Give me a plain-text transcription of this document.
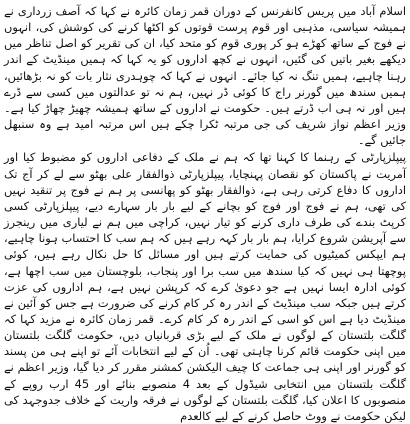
اسلام آباد میں پریس کانفرنس کے دوران قمر زمان کائرہ نے کہا کہ آصف زرداری نے ہمیشہ سیاسی، مذہبی اور قوم پرست قوتوں کو اکٹھا کرنے کی کوشش کی، انہوں نے فوج کے ساتھ کھڑے ہو کر پوری قوم کو متحد کیا، ان کی تقریر کو اصل تناظر میں دیکھے بغیر باتیں کی گئیں، انہوں نے کچھ اداروں کو یہ کہا کہ ہمیں مینڈیٹ کے اندر رہنا چاہیے، ہمیں تنگ نہ کیا جائے۔ انہوں نے کہا کہ چوہدری نثار بات کو نہ بڑھائیں، ہمیں سندھ میں گورنر راج کا کوئی ڈر نہیں، ہم نہ تو عدالتوں میں کسی سے ڈرے ہیں اور نہ ہی اب ڈرتے ہیں۔ حکومت نے اداروں کے ساتھ ہمیشہ چھیڑ چھاڑ کیا ہے۔ وزیر اعظم نواز شریف کی جی مرتبہ ٹکرا چکے ہیں اس مرتبہ امید ہے وہ سنبھل جائیں گے۔

پیپلزپارٹی کے رہنما کا کہنا تھا کہ ہم نے ملک کے دفاعی اداروں کو مضبوط کیا اور آمریت نے پاکستان کو نقصان پہنچایا، پیپلزپارٹی ذوالفقار علی بھٹو سے لے کر آج تک اداروں کا دفاع کرتی رہی ہے، ذوالفقار بھٹو کو پھانسی پر ہم نے فوج پر تنقید نہیں کی تھی، ہم نے فوج اور فوج کو بچانے کے لیے بار بار سہارے دیے، پیپلزپارٹی کسی کرپٹ بندے کی طرف داری کرنے کو تیار نہیں، کراچی میں ہم نے لیاری میں رینجرز سے آپریشن شروع کرایا، ہم بار بار کہہ رہے ہیں کہ ہم سب کا احتساب ہونا چاہیے، ہم ایپکس کمیٹیوں کی حمایت کرتے ہیں اور مسائل کا حل نکال رہے ہیں، کوئی پوچھتا ہی نہیں کہ کیا سندھ میں سب برا اور پنجاب، بلوچستان میں سب اچھا ہے، کوئی ادارہ ایسا نہیں ہے جو دعویٰ کرے کہ کرپشن نہیں ہے، ہم اداروں کی عزت کرتے ہیں جبکہ سب مینڈیٹ کے اندر رہ کر کام کرنے کی ضرورت ہے جس کو آئین نے مینڈیٹ دیا ہے اس کو اسی کے اندر رہ کر کام کرے۔ قمر زمان کائرہ نے مزید کہا کہ گلگت بلتستان کے لوگوں نے ملک کے لیے بڑی قربانیاں دیں، حکومت گلگت بلتستان میں اپنی حکومت قائم کرنا چاہتی تھی۔ اُن کے لیے انتخابات آئے تو اپنے ہی من پسند کو گورنر اور اپنی ہی جماعت کا چیف الیکشن کمشنر مقرر کر دیا گیا، وزیر اعظم نے گلگت بلتستان میں انتخابی شیڈول کے بعد 4 منصوبے بنائے اور 45 ارب روپے کے منصوبوں کا اعلان کیا، گلگت بلتستان کے لوگوں نے فرقہ واریت کے خلاف جدوجہد کی لیکن حکومت نے ووٹ حاصل کرنے کے لیے کالعدم
